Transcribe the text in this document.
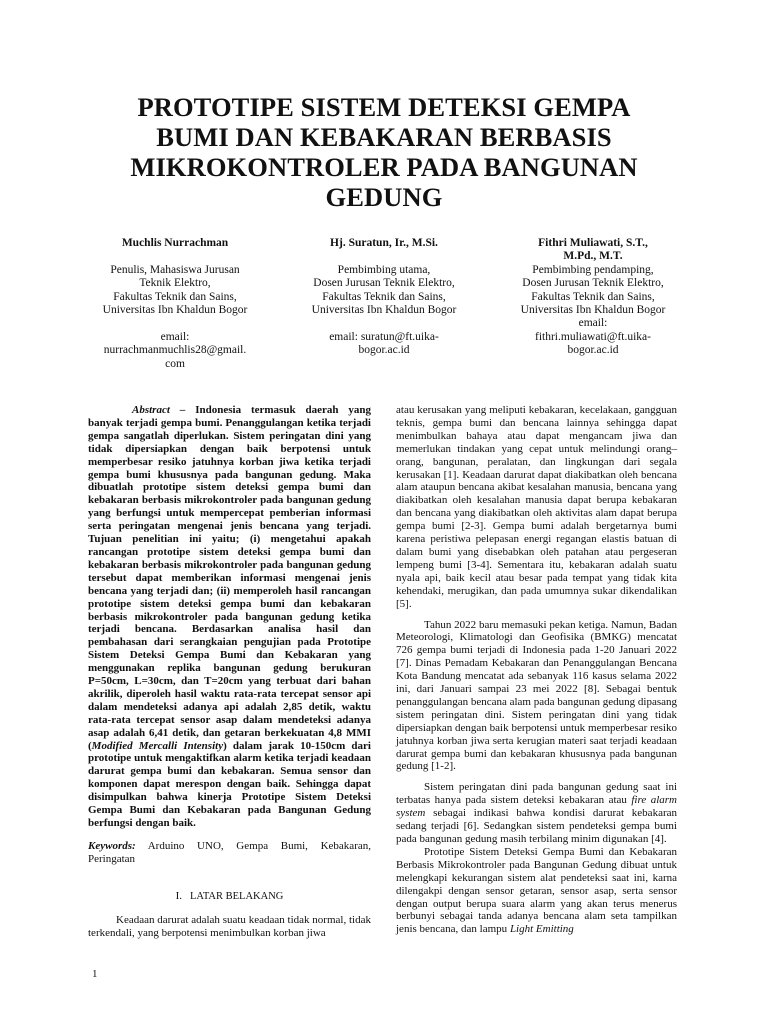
PROTOTIPE SISTEM DETEKSI GEMPA
BUMI DAN KEBAKARAN BERBASIS
MIKROKONTROLER PADA BANGUNAN
GEDUNG
Muchlis Nurrachman
Penulis, Mahasiswa Jurusan
Teknik Elektro,
Fakultas Teknik dan Sains,
Universitas Ibn Khaldun Bogor
email:
nurrachmanmuchlis28@gmail.
com
Hj. Suratun, Ir., M.Si.
Pembimbing utama,
Dosen Jurusan Teknik Elektro,
Fakultas Teknik dan Sains,
Universitas Ibn Khaldun Bogor
email: suratun@ft.uika-
bogor.ac.id
Fithri Muliawati, S.T.,
M.Pd., M.T.
Pembimbing pendamping,
Dosen Jurusan Teknik Elektro,
Fakultas Teknik dan Sains,
Universitas Ibn Khaldun Bogor
email:
fithri.muliawati@ft.uika-
bogor.ac.id

Abstract – Indonesia termasuk daerah yang banyak terjadi gempa bumi. Penanggulangan ketika terjadi gempa sangatlah diperlukan. Sistem peringatan dini yang tidak dipersiapkan dengan baik berpotensi untuk memperbesar resiko jatuhnya korban jiwa ketika terjadi gempa bumi khususnya pada bangunan gedung. Maka dibuatlah prototipe sistem deteksi gempa bumi dan kebakaran berbasis mikrokontroler pada bangunan gedung yang berfungsi untuk mempercepat pemberian informasi serta peringatan mengenai jenis bencana yang terjadi. Tujuan penelitian ini yaitu; (i) mengetahui apakah rancangan prototipe sistem deteksi gempa bumi dan kebakaran berbasis mikrokontroler pada bangunan gedung tersebut dapat memberikan informasi mengenai jenis bencana yang terjadi dan; (ii) memperoleh hasil rancangan prototipe sistem deteksi gempa bumi dan kebakaran berbasis mikrokontroler pada bangunan gedung ketika terjadi bencana. Berdasarkan analisa hasil dan pembahasan dari serangkaian pengujian pada Prototipe Sistem Deteksi Gempa Bumi dan Kebakaran yang menggunakan replika bangunan gedung berukuran P=50cm, L=30cm, dan T=20cm yang terbuat dari bahan akrilik, diperoleh hasil waktu rata-rata tercepat sensor api dalam mendeteksi adanya api adalah 2,85 detik, waktu rata-rata tercepat sensor asap dalam mendeteksi adanya asap adalah 6,41 detik, dan getaran berkekuatan 4,8 MMI (Modified Mercalli Intensity) dalam jarak 10-150cm dari prototipe untuk mengaktifkan alarm ketika terjadi keadaan darurat gempa bumi dan kebakaran. Semua sensor dan komponen dapat merespon dengan baik. Sehingga dapat disimpulkan bahwa kinerja Prototipe Sistem Deteksi Gempa Bumi dan Kebakaran pada Bangunan Gedung berfungsi dengan baik.

Keywords: Arduino UNO, Gempa Bumi, Kebakaran, Peringatan

I. LATAR BELAKANG

Keadaan darurat adalah suatu keadaan tidak normal, tidak terkendali, yang berpotensi menimbulkan korban jiwa

atau kerusakan yang meliputi kebakaran, kecelakaan, gangguan teknis, gempa bumi dan bencana lainnya sehingga dapat menimbulkan bahaya atau dapat mengancam jiwa dan memerlukan tindakan yang cepat untuk melindungi orang– orang, bangunan, peralatan, dan lingkungan dari segala kerusakan [1]. Keadaan darurat dapat diakibatkan oleh bencana alam ataupun bencana akibat kesalahan manusia, bencana yang diakibatkan oleh kesalahan manusia dapat berupa kebakaran dan bencana yang diakibatkan oleh aktivitas alam dapat berupa gempa bumi [2-3]. Gempa bumi adalah bergetarnya bumi karena peristiwa pelepasan energi regangan elastis batuan di dalam bumi yang disebabkan oleh patahan atau pergeseran lempeng bumi [3-4]. Sementara itu, kebakaran adalah suatu nyala api, baik kecil atau besar pada tempat yang tidak kita kehendaki, merugikan, dan pada umumnya sukar dikendalikan [5].

Tahun 2022 baru memasuki pekan ketiga. Namun, Badan Meteorologi, Klimatologi dan Geofisika (BMKG) mencatat 726 gempa bumi terjadi di Indonesia pada 1-20 Januari 2022 [7]. Dinas Pemadam Kebakaran dan Penanggulangan Bencana Kota Bandung mencatat ada sebanyak 116 kasus selama 2022 ini, dari Januari sampai 23 mei 2022 [8]. Sebagai bentuk penanggulangan bencana alam pada bangunan gedung dipasang sistem peringatan dini. Sistem peringatan dini yang tidak dipersiapkan dengan baik berpotensi untuk memperbesar resiko jatuhnya korban jiwa serta kerugian materi saat terjadi keadaan darurat gempa bumi dan kebakaran khususnya pada bangunan gedung [1-2].

Sistem peringatan dini pada bangunan gedung saat ini terbatas hanya pada sistem deteksi kebakaran atau fire alarm system sebagai indikasi bahwa kondisi darurat kebakaran sedang terjadi [6]. Sedangkan sistem pendeteksi gempa bumi pada bangunan gedung masih terbilang minim digunakan [4].

Prototipe Sistem Deteksi Gempa Bumi dan Kebakaran Berbasis Mikrokontroler pada Bangunan Gedung dibuat untuk melengkapi kekurangan sistem alat pendeteksi saat ini, karna dilengakpi dengan sensor getaran, sensor asap, serta sensor dengan output berupa suara alarm yang akan terus menerus berbunyi sebagai tanda adanya bencana alam seta tampilkan jenis bencana, dan lampu Light Emitting

1
